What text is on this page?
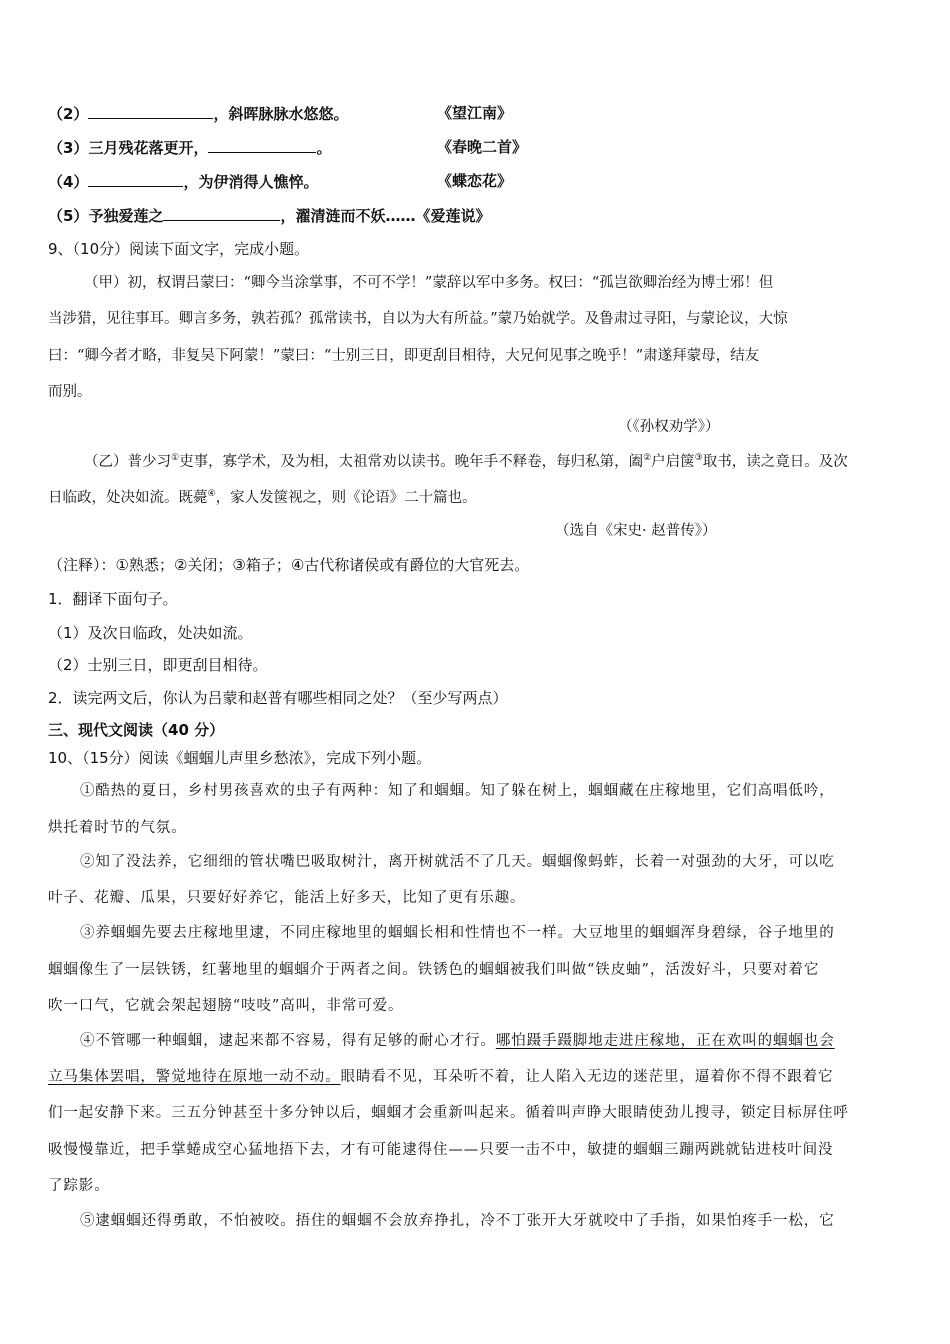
（2）	，斜晖脉脉水悠悠。	《望江南》
（3）三月残花落更开，	。	《春晚二首》
（4）	，为伊消得人憔悴。	《蝶恋花》
（5）予独爱莲之	，濯清涟而不妖……《爱莲说》
9、（10分）阅读下面文字，完成小题。
（甲）初，权谓吕蒙曰：“卿今当涂掌事，不可不学！”蒙辞以军中多务。权曰：“孤岂欲卿治经为博士邪！但
当涉猎，见往事耳。卿言多务，孰若孤？孤常读书，自以为大有所益。”蒙乃始就学。及鲁肃过寻阳，与蒙论议，大惊
曰：“卿今者才略，非复吴下阿蒙！”蒙曰：“士别三日，即更刮目相待，大兄何见事之晚乎！”肃遂拜蒙母，结友
而别。
（《孙权劝学》）
（乙）普少习①吏事，寡学术，及为相，太祖常劝以读书。晚年手不释卷，每归私第，阖②户启箧③取书，读之竟日。及次
日临政，处决如流。既薨④，家人发箧视之，则《论语》二十篇也。
（选自《宋史· 赵普传》）
（注释）：①熟悉；②关闭；③箱子；④古代称诸侯或有爵位的大官死去。
1．翻译下面句子。
（1）及次日临政，处决如流。
（2）士别三日，即更刮目相待。
2．读完两文后，你认为吕蒙和赵普有哪些相同之处？（至少写两点）
三、现代文阅读（40 分）
10、（15分）阅读《蝈蝈儿声里乡愁浓》，完成下列小题。
①酷热的夏日，乡村男孩喜欢的虫子有两种：知了和蝈蝈。知了躲在树上，蝈蝈藏在庄稼地里，它们高唱低吟，
烘托着时节的气氛。
②知了没法养，它细细的管状嘴巴吸取树汁，离开树就活不了几天。蝈蝈像蚂蚱，长着一对强劲的大牙，可以吃
叶子、花瓣、瓜果，只要好好养它，能活上好多天，比知了更有乐趣。
③养蝈蝈先要去庄稼地里逮，不同庄稼地里的蝈蝈长相和性情也不一样。大豆地里的蝈蝈浑身碧绿，谷子地里的
蝈蝈像生了一层铁锈，红薯地里的蝈蝈介于两者之间。铁锈色的蝈蝈被我们叫做“铁皮蚰”，活泼好斗，只要对着它
吹一口气，它就会架起翅膀“吱吱”高叫，非常可爱。
④不管哪一种蝈蝈，逮起来都不容易，得有足够的耐心才行。哪怕蹑手蹑脚地走进庄稼地，正在欢叫的蝈蝈也会
立马集体罢唱，警觉地待在原地一动不动。眼睛看不见，耳朵听不着，让人陷入无边的迷茫里，逼着你不得不跟着它
们一起安静下来。三五分钟甚至十多分钟以后，蝈蝈才会重新叫起来。循着叫声睁大眼睛使劲儿搜寻，锁定目标屏住呼
吸慢慢靠近，把手掌蜷成空心猛地捂下去，才有可能逮得住——只要一击不中，敏捷的蝈蝈三蹦两跳就钻进枝叶间没
了踪影。
⑤逮蝈蝈还得勇敢，不怕被咬。捂住的蝈蝈不会放弃挣扎，冷不丁张开大牙就咬中了手指，如果怕疼手一松，它
